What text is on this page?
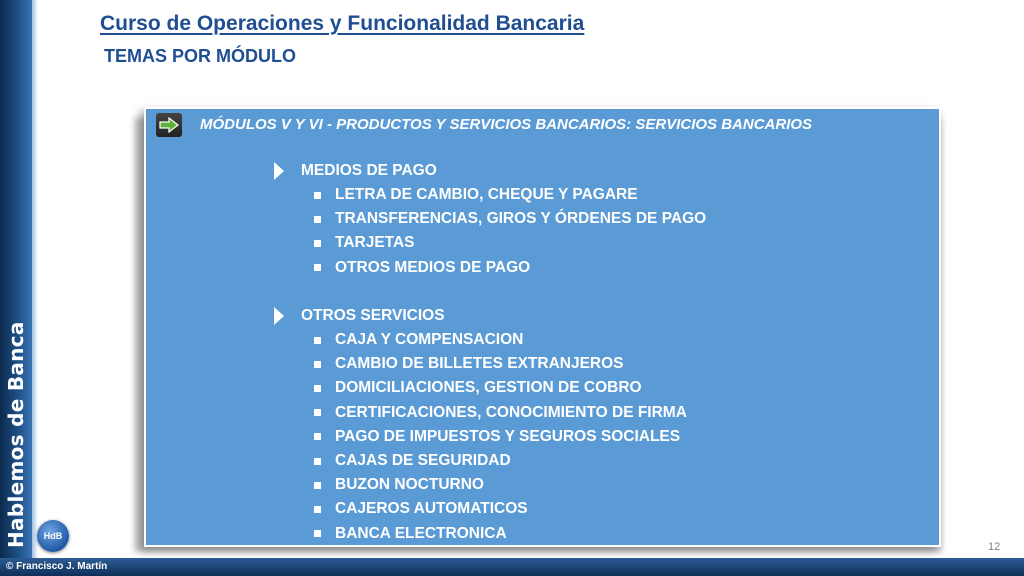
Hablemos de Banca	HdB
© Francisco J. Martín
12
Curso de Operaciones y Funcionalidad Bancaria
TEMAS POR MÓDULO
MÓDULOS V Y VI - PRODUCTOS Y SERVICIOS BANCARIOS: SERVICIOS BANCARIOS
MEDIOS DE PAGO
LETRA DE CAMBIO, CHEQUE Y PAGARE
TRANSFERENCIAS, GIROS Y ÓRDENES DE PAGO
TARJETAS
OTROS MEDIOS DE PAGO
OTROS SERVICIOS
CAJA Y COMPENSACION
CAMBIO DE BILLETES EXTRANJEROS
DOMICILIACIONES, GESTION DE COBRO
CERTIFICACIONES, CONOCIMIENTO DE FIRMA
PAGO DE IMPUESTOS Y SEGUROS SOCIALES
CAJAS DE SEGURIDAD
BUZON NOCTURNO
CAJEROS AUTOMATICOS
BANCA ELECTRONICA
